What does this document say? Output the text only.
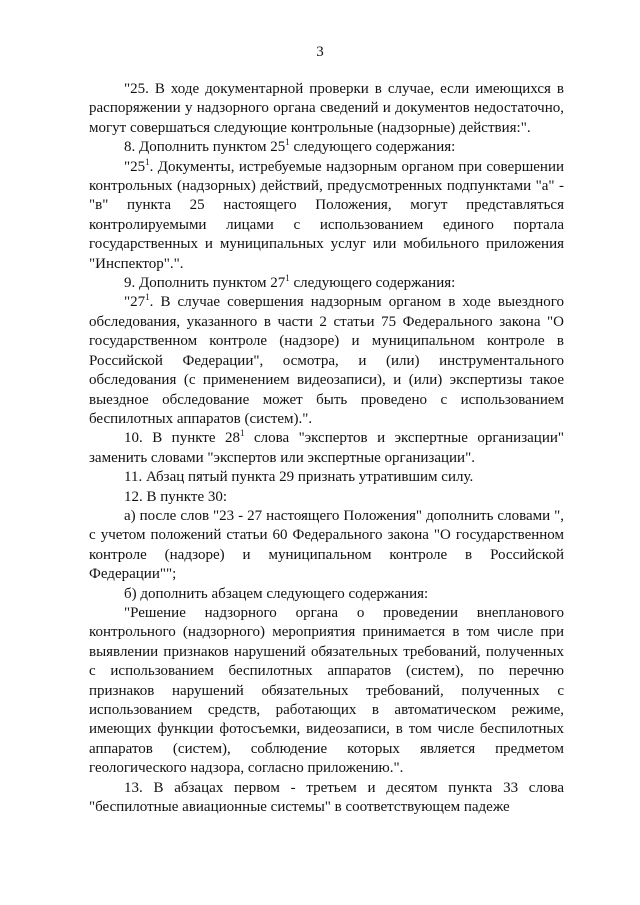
3

"25. В ходе документарной проверки в случае, если имеющихся в распоряжении у надзорного органа сведений и документов недостаточно, могут совершаться следующие контрольные (надзорные) действия:".

8. Дополнить пунктом $25^1$ следующего содержания:

"$25^1$. Документы, истребуемые надзорным органом при совершении контрольных (надзорных) действий, предусмотренных подпунктами "а" - "в" пункта 25 настоящего Положения, могут представляться контролируемыми лицами с использованием единого портала государственных и муниципальных услуг или мобильного приложения "Инспектор".".

9. Дополнить пунктом $27^1$ следующего содержания:

"$27^1$. В случае совершения надзорным органом в ходе выездного обследования, указанного в части 2 статьи 75 Федерального закона "О государственном контроле (надзоре) и муниципальном контроле в Российской Федерации", осмотра, и (или) инструментального обследования (с применением видеозаписи), и (или) экспертизы такое выездное обследование может быть проведено с использованием беспилотных аппаратов (систем).".

10. В пункте $28^1$ слова "экспертов и экспертные организации" заменить словами "экспертов или экспертные организации".

11. Абзац пятый пункта 29 признать утратившим силу.

12. В пункте 30:

а) после слов "23 - 27 настоящего Положения" дополнить словами ", с учетом положений статьи 60 Федерального закона "О государственном контроле (надзоре) и муниципальном контроле в Российской Федерации"";

б) дополнить абзацем следующего содержания:

"Решение надзорного органа о проведении внепланового контрольного (надзорного) мероприятия принимается в том числе при выявлении признаков нарушений обязательных требований, полученных с использованием беспилотных аппаратов (систем), по перечню признаков нарушений обязательных требований, полученных с использованием средств, работающих в автоматическом режиме, имеющих функции фотосъемки, видеозаписи, в том числе беспилотных аппаратов (систем), соблюдение которых является предметом геологического надзора, согласно приложению.".

13. В абзацах первом - третьем и десятом пункта 33 слова "беспилотные авиационные системы" в соответствующем падеже
